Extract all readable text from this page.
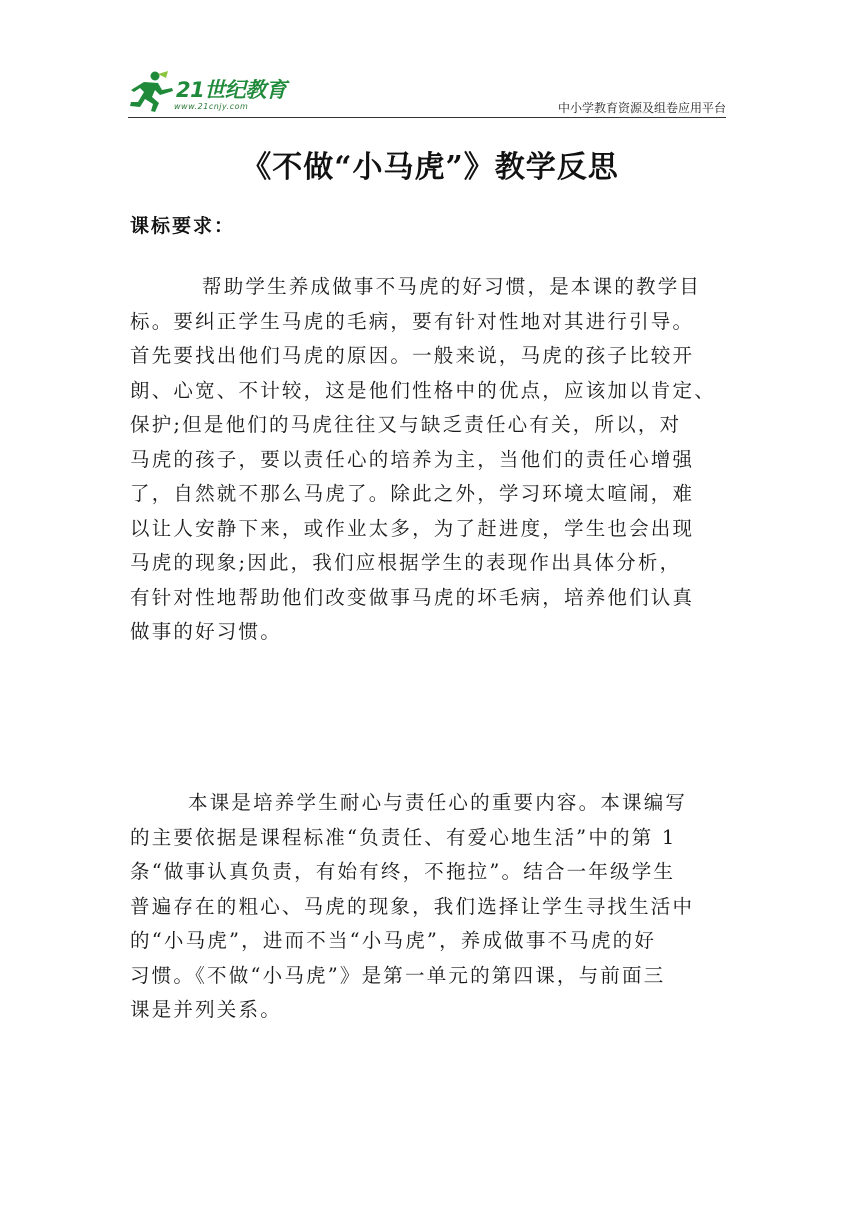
21世纪教育
www.21cnjy.com	中小学教育资源及组卷应用平台
《不做“小马虎”》教学反思
课标要求：
帮助学生养成做事不马虎的好习惯，是本课的教学目
标。要纠正学生马虎的毛病，要有针对性地对其进行引导。
首先要找出他们马虎的原因。一般来说，马虎的孩子比较开
朗、心宽、不计较，这是他们性格中的优点，应该加以肯定、
保护;但是他们的马虎往往又与缺乏责任心有关，所以，对
马虎的孩子，要以责任心的培养为主，当他们的责任心增强
了，自然就不那么马虎了。除此之外，学习环境太喧闹，难
以让人安静下来，或作业太多，为了赶进度，学生也会出现
马虎的现象;因此，我们应根据学生的表现作出具体分析，
有针对性地帮助他们改变做事马虎的坏毛病，培养他们认真
做事的好习惯。
本课是培养学生耐心与责任心的重要内容。本课编写
的主要依据是课程标准“负责任、有爱心地生活”中的第 1
条“做事认真负责，有始有终，不拖拉”。结合一年级学生
普遍存在的粗心、马虎的现象，我们选择让学生寻找生活中
的“小马虎”，进而不当“小马虎”，养成做事不马虎的好
习惯。《不做“小马虎”》是第一单元的第四课，与前面三
课是并列关系。
